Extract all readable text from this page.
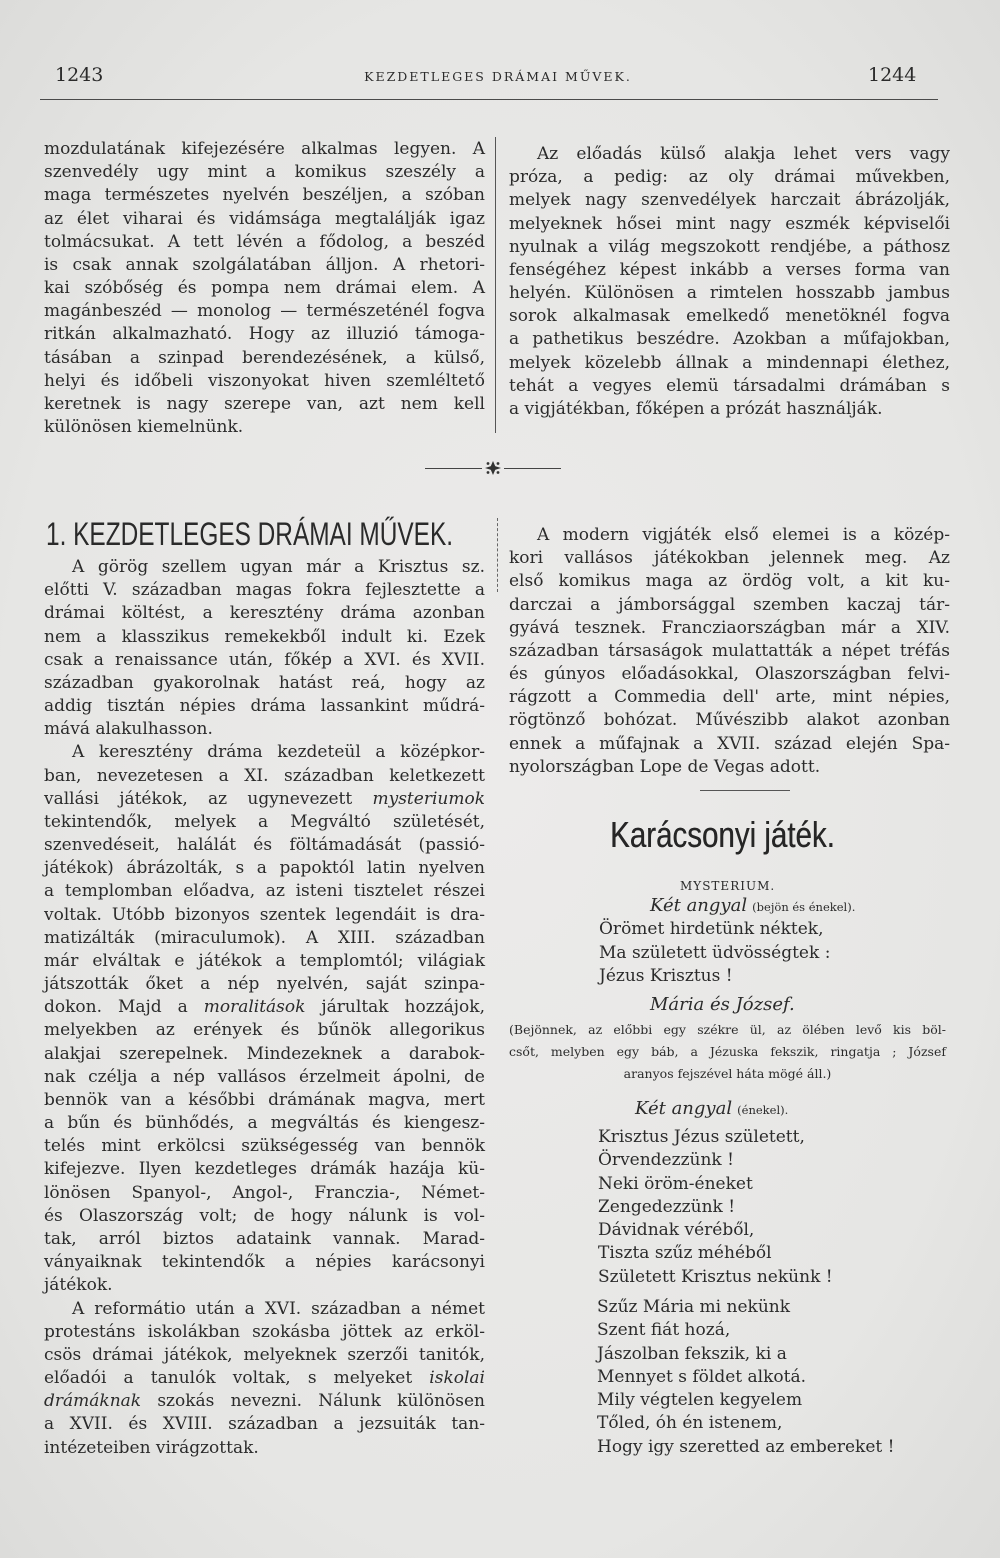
1243	KEZDETLEGES DRÁMAI MŰVEK.	1244
mozdulatának kifejezésére alkalmas legyen. A
szenvedély ugy mint a komikus szeszély a
maga természetes nyelvén beszéljen, a szóban
az élet viharai és vidámsága megtalálják igaz
tolmácsukat. A tett lévén a fődolog, a beszéd
is csak annak szolgálatában álljon. A rhetori-
kai szóbőség és pompa nem drámai elem. A
magánbeszéd — monolog — természeténél fogva
ritkán alkalmazható. Hogy az illuzió támoga-
tásában a szinpad berendezésének, a külső,
helyi és időbeli viszonyokat hiven szemléltető
keretnek is nagy szerepe van, azt nem kell
különösen kiemelnünk.
Az előadás külső alakja lehet vers vagy
próza, a pedig: az oly drámai művekben,
melyek nagy szenvedélyek harczait ábrázolják,
melyeknek hősei mint nagy eszmék képviselői
nyulnak a világ megszokott rendjébe, a páthosz
fenségéhez képest inkább a verses forma van
helyén. Különösen a rimtelen hosszabb jambus
sorok alkalmasak emelkedő menetöknél fogva
a pathetikus beszédre. Azokban a műfajokban,
melyek közelebb állnak a mindennapi élethez,
tehát a vegyes elemü társadalmi drámában s
a vigjátékban, főképen a prózát használják.
1. KEZDETLEGES DRÁMAI MŰVEK.
A görög szellem ugyan már a Krisztus sz.
előtti V. században magas fokra fejlesztette a
drámai költést, a keresztény dráma azonban
nem a klasszikus remekekből indult ki. Ezek
csak a renaissance után, főkép a XVI. és XVII.
században gyakorolnak hatást reá, hogy az
addig tisztán népies dráma lassankint műdrá-
mává alakulhasson.
A keresztény dráma kezdeteül a középkor-
ban, nevezetesen a XI. században keletkezett
vallási játékok, az ugynevezett mysteriumok
tekintendők, melyek a Megváltó születését,
szenvedéseit, halálát és föltámadását (passió-
játékok) ábrázolták, s a papoktól latin nyelven
a templomban előadva, az isteni tisztelet részei
voltak. Utóbb bizonyos szentek legendáit is dra-
matizálták (miraculumok). A XIII. században
már elváltak e játékok a templomtól; világiak
játszották őket a nép nyelvén, saját szinpa-
dokon. Majd a moralitások járultak hozzájok,
melyekben az erények és bűnök allegorikus
alakjai szerepelnek. Mindezeknek a darabok-
nak czélja a nép vallásos érzelmeit ápolni, de
bennök van a későbbi drámának magva, mert
a bűn és bünhődés, a megváltás és kiengesz-
telés mint erkölcsi szükségesség van bennök
kifejezve. Ilyen kezdetleges drámák hazája kü-
lönösen Spanyol-, Angol-, Franczia-, Német-
és Olaszország volt; de hogy nálunk is vol-
tak, arról biztos adataink vannak. Marad-
ványaiknak tekintendők a népies karácsonyi
játékok.
A reformátio után a XVI. században a német
protestáns iskolákban szokásba jöttek az erköl-
csös drámai játékok, melyeknek szerzői tanitók,
előadói a tanulók voltak, s melyeket iskolai
drámáknak szokás nevezni. Nálunk különösen
a XVII. és XVIII. században a jezsuiták tan-
intézeteiben virágzottak.
A modern vigjáték első elemei is a közép-
kori vallásos játékokban jelennek meg. Az
első komikus maga az ördög volt, a kit ku-
darczai a jámborsággal szemben kaczaj tár-
gyává tesznek. Francziaországban már a XIV.
században társaságok mulattatták a népet tréfás
és gúnyos előadásokkal, Olaszországban felvi-
rágzott a Commedia dell' arte, mint népies,
rögtönző bohózat. Művészibb alakot azonban
ennek a műfajnak a XVII. század elején Spa-
nyolországban Lope de Vegas adott.
Karácsonyi játék.
MYSTERIUM.
Két angyal (bejön és énekel).
Örömet hirdetünk néktek,
Ma született üdvösségtek :
Jézus Krisztus !
Mária és József.
(Bejönnek, az előbbi egy székre ül, az ölében levő kis böl-
csőt, melyben egy báb, a Jézuska fekszik, ringatja ; József
aranyos fejszével háta mögé áll.)
Két angyal (énekel).
Krisztus Jézus született,
Örvendezzünk !
Neki öröm-éneket
Zengedezzünk !
Dávidnak véréből,
Tiszta szűz méhéből
Született Krisztus nekünk !
Szűz Mária mi nekünk
Szent fiát hozá,
Jászolban fekszik, ki a
Mennyet s földet alkotá.
Mily végtelen kegyelem
Tőled, óh én istenem,
Hogy igy szeretted az embereket !
